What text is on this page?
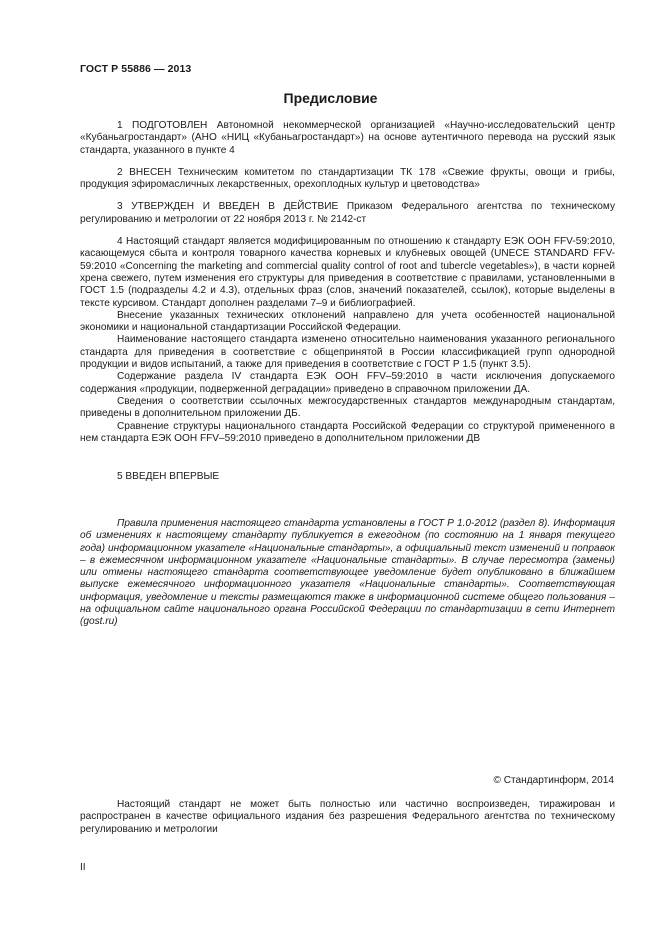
ГОСТ Р 55886 — 2013
Предисловие

1 ПОДГОТОВЛЕН Автономной некоммерческой организацией «Научно-исследовательский центр «Кубаньагростандарт» (АНО «НИЦ «Кубаньагростандарт») на основе аутентичного перевода на русский язык стандарта, указанного в пункте 4

2 ВНЕСЕН Техническим комитетом по стандартизации ТК 178 «Свежие фрукты, овощи и грибы, продукция эфиромасличных лекарственных, орехоплодных культур и цветоводства»

3 УТВЕРЖДЕН И ВВЕДЕН В ДЕЙСТВИЕ Приказом Федерального агентства по техническому регулированию и метрологии от 22 ноября 2013 г. № 2142-ст

4 Настоящий стандарт является модифицированным по отношению к стандарту ЕЭК ООН FFV-59:2010, касающемуся сбыта и контроля товарного качества корневых и клубневых овощей (UNECE STANDARD FFV-59:2010 «Concerning the marketing and commercial quality control of root and tubercle vegetables»), в части корней хрена свежего, путем изменения его структуры для приведения в соответствие с правилами, установленными в ГОСТ 1.5 (подразделы 4.2 и 4.3), отдельных фраз (слов, значений показателей, ссылок), которые выделены в тексте курсивом. Стандарт дополнен разделами 7–9 и библиографией.

Внесение указанных технических отклонений направлено для учета особенностей национальной экономики и национальной стандартизации Российской Федерации.

Наименование настоящего стандарта изменено относительно наименования указанного регионального стандарта для приведения в соответствие с общепринятой в России классификацией групп однородной продукции и видов испытаний, а также для приведения в соответствие с ГОСТ Р 1.5 (пункт 3.5).

Содержание раздела IV стандарта ЕЭК ООН FFV–59:2010 в части исключения допускаемого содержания «продукции, подверженной деградации» приведено в справочном приложении ДА.

Сведения о соответствии ссылочных межгосударственных стандартов международным стандартам, приведены в дополнительном приложении ДБ.

Сравнение структуры национального стандарта Российской Федерации со структурой примененного в нем стандарта ЕЭК ООН FFV–59:2010 приведено в дополнительном приложении ДВ

5 ВВЕДЕН ВПЕРВЫЕ

Правила применения настоящего стандарта установлены в ГОСТ Р 1.0-2012 (раздел 8). Информация об изменениях к настоящему стандарту публикуется в ежегодном (по состоянию на 1 января текущего года) информационном указателе «Национальные стандарты», а официальный текст изменений и поправок – в ежемесячном информационном указателе «Национальные стандарты». В случае пересмотра (замены) или отмены настоящего стандарта соответствующее уведомление будет опубликовано в ближайшем выпуске ежемесячного информационного указателя «Национальные стандарты». Соответствующая информация, уведомление и тексты размещаются также в информационной системе общего пользования – на официальном сайте национального органа Российской Федерации по стандартизации в сети Интернет (gost.ru)

© Стандартинформ, 2014

Настоящий стандарт не может быть полностью или частично воспроизведен, тиражирован и распространен в качестве официального издания без разрешения Федерального агентства по техническому регулированию и метрологии

II
